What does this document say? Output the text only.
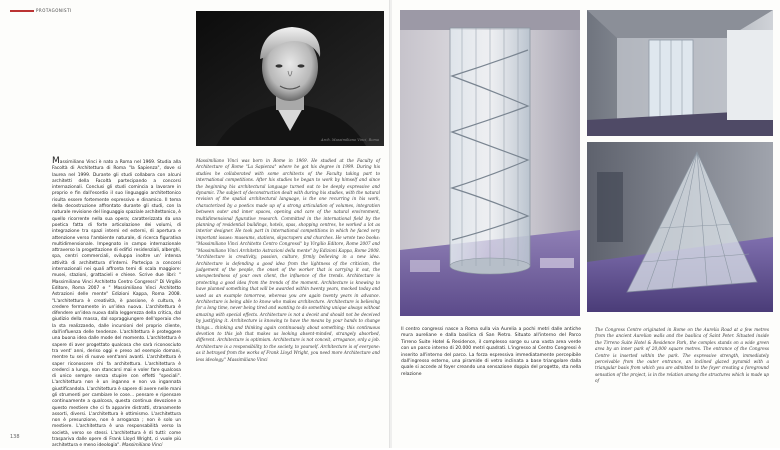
PROTAGONISTI
Arch. Massimiliano Vinci, Roma

Massimiliano Vinci è nato a Roma nel 1969. Studia alla Facoltà di Architettura di Roma "la Sapienza", dove si laurea nel 1999. Durante gli studi collabora con alcuni architetti della Facoltà partecipando a concorsi internazionali. Conclusi gli studi comincia a lavorare in proprio e fin dall'esordio il suo linguaggio architettonico risulta essere fortemente espressivo e dinamico. Il tema della decostruzione affrontato durante gli studi, con la naturale revisione del linguaggio spaziale architettonico, è quello ricorrente nella sua opera; caratterizzata da una poetica fatta di forte articolazione dei volumi, di integrazione tra spazi interni ed esterni, di apertura e attenzione verso l'ambiente naturale, di ricerca figurativa multidimensionale. Impegnato in campo internazionale attraverso la progettazione di edifici residenziali, alberghi, spa, centri commerciali, sviluppa inoltre un' intensa attività di architettura d'interni. Partecipa a concorsi internazionali nei quali affronta temi di scala maggiore: musei, stazioni, grattacieli e chiese. Scrive due libri: " Massimiliano Vinci Architetto Centro Congressi" Di Virgilio Editore, Roma 2007 e " Massimiliano Vinci Architetto Astrazioni delle mente" Edizioni Kappa, Roma 2008. "L'architettura è creatività, è passione, è cultura, è credere fermamente in un'idea nuova. L'architettura è difendere un'idea nuova dalla leggerezza della critica, dal giudizio della massa, dal sopraggiungere dell'operaio che la sta realizzando, dalle incursioni del proprio cliente, dall'influenza delle tendenze. L'architettura è proteggere una buona idea dalle mode del momento. L'architettura è sapere di aver progettato qualcosa che sarà riconosciuto tra vent' anni, deriso oggi e preso ad esempio domani, mentre tu sei di nuovo vent'anni avanti. L'architettura è saper riconoscere chi fa architettura. L'architettura è crederci a lungo, non stancarsi mai e voler fare qualcosa di unico sempre senza stupire con effetti "speciali". L'architettura non è un inganno e non va ingannata giustificandola. L'architettura è sapere di avere nelle mani gli strumenti per cambiare le cose... pensare e ripensare continuamente a qualcosa, questa continua devozione a questo mestiere che ci fa apparire distratti, stranamente assorti, diversi. L'architettura è ottimismo. L'architettura non è presunzione, non è arroganza ; non è solo un mestiere. L'architettura è una responsabilità verso la società, verso se stessi. L'architettura è di tutti: come traspariva dalle opere di Frank Lloyd Wright, ci vuole più architettura e meno ideologia". Massimiliano Vinci

Massimiliano Vinci was born in Rome in 1969. He studied at the Faculty of Architecture of Rome "La Sapienza" where he got his degree in 1999. During his studies he collaborated with some architects of the Faculty taking part to international competitions. After his studies he began to work by himself and since the beginning his architectural language turned out to be deeply expressive and dynamic. The subject of deconstruction dealt with during his studies, with the natural revision of the spatial architectural language, is the one recurring in his work, characterized by a poetics made up of a strong articulation of volumes, integration between outer and inner spaces, opening and care of the natural environment, multidimensional figurative research. Committed in the international field by the planning of residential buildings, hotels, spas, shopping centres, he worked a lot as interior designer. He took part in international competitions in which he faced very important issues: museums, stations, skyscrapers and churches. He wrote two books: "Massimiliano Vinci Architetto Centro Congressi" by Virgilio Editore, Rome 2007 and "Massimiliano Vinci Architetto Astrazioni della mente" by Edizioni Kappa, Rome 2008. "Architecture is creativity, passion, culture, firmly believing in a new idea. Architecture is defending a good idea from the lightness of the criticism, the judgement of the people, the onset of the worker that is carrying it out, the unexpectedness of your own client, the influence of the trends. Architecture is protecting a good idea from the trends of the moment. Architecture is knowing to have planned something that will be awarded within twenty years, mocked today and used as an example tomorrow, whereas you are again twenty years in advance. Architecture is being able to know who makes architecture. Architecture is believing for a long time, never being tired and wanting to do something unique always without amazing with special effects. Architecture is not a deceit and should not be deceived by justifying it. Architecture is knowing to have the means by your hands to change things... thinking and thinking again continuously about something; this continuous devotion to this job that makes us looking absent-minded, strangely absorbed, different. Architecture is optimism. Architecture is not conceit, arrogance, only a job. Architecture is a responsibility to the society, to yourself. Architecture is of everyone: as it betrayed from the works of Frank Lloyd Wright, you need more Architecture and less ideology." Massimiliano Vinci

138

Il centro congressi nasce a Roma sulla via Aurelia a pochi metri dalle antiche mura aureliane e dalla basilica di San Pietro. Situato all'interno del Parco Tirreno Suite Hotel & Residence, il complesso sorge su una vasta area verde con un parco interno di 20.000 metri quadrati. L'ingresso al Centro Congressi è inserito all'interno del parco. La forza espressiva immediatamente percepibile dall'ingresso esterno, una piramide di vetro inclinata a base triangolare dalla quale si accede al foyer creando una sensazione doppia del progetto, sta nella relazione

The Congress Centre originated in Rome on the Aurelia Road at a few metres from the ancient Aurelian walls and the basilica of Saint Peter. Situated inside the Tirreno Suite Hotel & Residence Park, the complex stands on a wide green area by an inner park of 20,000 square metres. The entrance of the Congress Centre is inserted within the park. The expressive strength, immediately perceivable from the outer entrance, an inclined glazed pyramid with a triangular basis from which you are admitted to the foyer creating a foreground sensation of the project, is in the relation among the structures which is made up of
